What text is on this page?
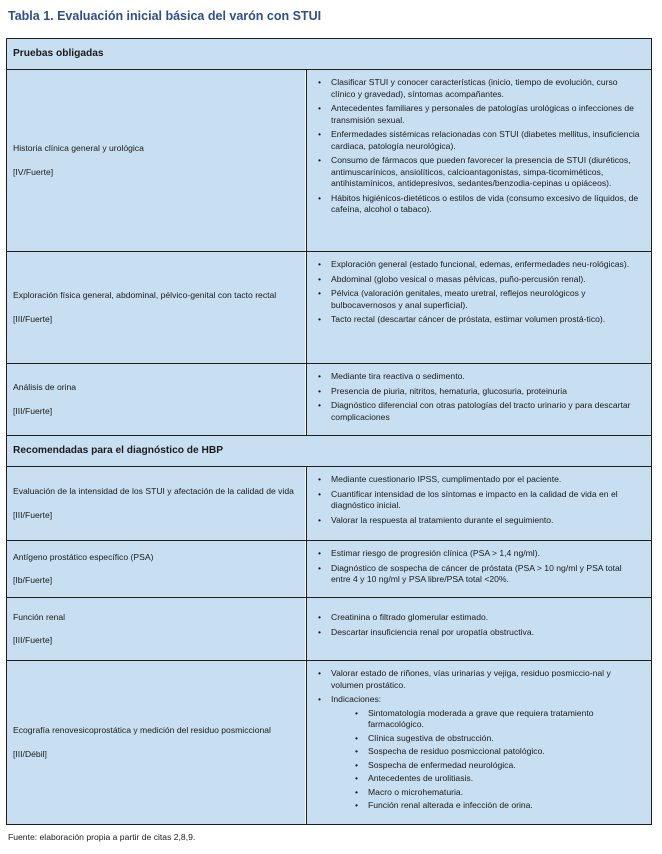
Tabla 1. Evaluación inicial básica del varón con STUI
Pruebas obligadas
Historia clínica general y urológica
[IV/Fuerte]
• Clasificar STUI y conocer características (inicio, tiempo de evolución, curso clínico y gravedad), síntomas acompañantes.
• Antecedentes familiares y personales de patologías urológicas o infecciones de transmisión sexual.
• Enfermedades sistémicas relacionadas con STUI (diabetes mellitus, insuficiencia cardiaca, patología neurológica).
• Consumo de fármacos que pueden favorecer la presencia de STUI (diuréticos, antimuscarínicos, ansiolíticos, calcioantagonistas, simpa-ticomiméticos, antihistamínicos, antidepresivos, sedantes/benzodia-cepinas u opiáceos).
• Hábitos higiénicos-dietéticos o estilos de vida (consumo excesivo de líquidos, de cafeína, alcohol o tabaco).
Exploración física general, abdominal, pélvico-genital con tacto rectal
[III/Fuerte]
• Exploración general (estado funcional, edemas, enfermedades neu-rológicas).
• Abdominal (globo vesical o masas pélvicas, puño-percusión renal).
• Pélvica (valoración genitales, meato uretral, reflejos neurológicos y bulbocavernosos y anal superficial).
• Tacto rectal (descartar cáncer de próstata, estimar volumen prostá-tico).
Análisis de orina
[III/Fuerte]
• Mediante tira reactiva o sedimento.
• Presencia de piuria, nitritos, hematuria, glucosuria, proteinuria
• Diagnóstico diferencial con otras patologías del tracto urinario y para descartar complicaciones
Recomendadas para el diagnóstico de HBP
Evaluación de la intensidad de los STUI y afectación de la calidad de vida
[III/Fuerte]
• Mediante cuestionario IPSS, cumplimentado por el paciente.
• Cuantificar intensidad de los síntomas e impacto en la calidad de vida en el diagnóstico inicial.
• Valorar la respuesta al tratamiento durante el seguimiento.
Antígeno prostático específico (PSA)
[Ib/Fuerte]
• Estimar riesgo de progresión clínica (PSA > 1,4 ng/ml).
• Diagnóstico de sospecha de cáncer de próstata (PSA > 10 ng/ml y PSA total entre 4 y 10 ng/ml y PSA libre/PSA total <20%.
Función renal
[III/Fuerte]
• Creatinina o filtrado glomerular estimado.
• Descartar insuficiencia renal por uropatía obstructiva.
Ecografía renovesicoprostática y medición del residuo posmiccional
[III/Débil]
• Valorar estado de riñones, vías urinarias y vejiga, residuo posmiccio-nal y volumen prostático.
• Indicaciones:
• Sintomatología moderada a grave que requiera tratamiento farmacológico.
• Clínica sugestiva de obstrucción.
• Sospecha de residuo posmiccional patológico.
• Sospecha de enfermedad neurológica.
• Antecedentes de urolitiasis.
• Macro o microhematuria.
• Función renal alterada e infección de orina.
Fuente: elaboración propia a partir de citas 2,8,9.
